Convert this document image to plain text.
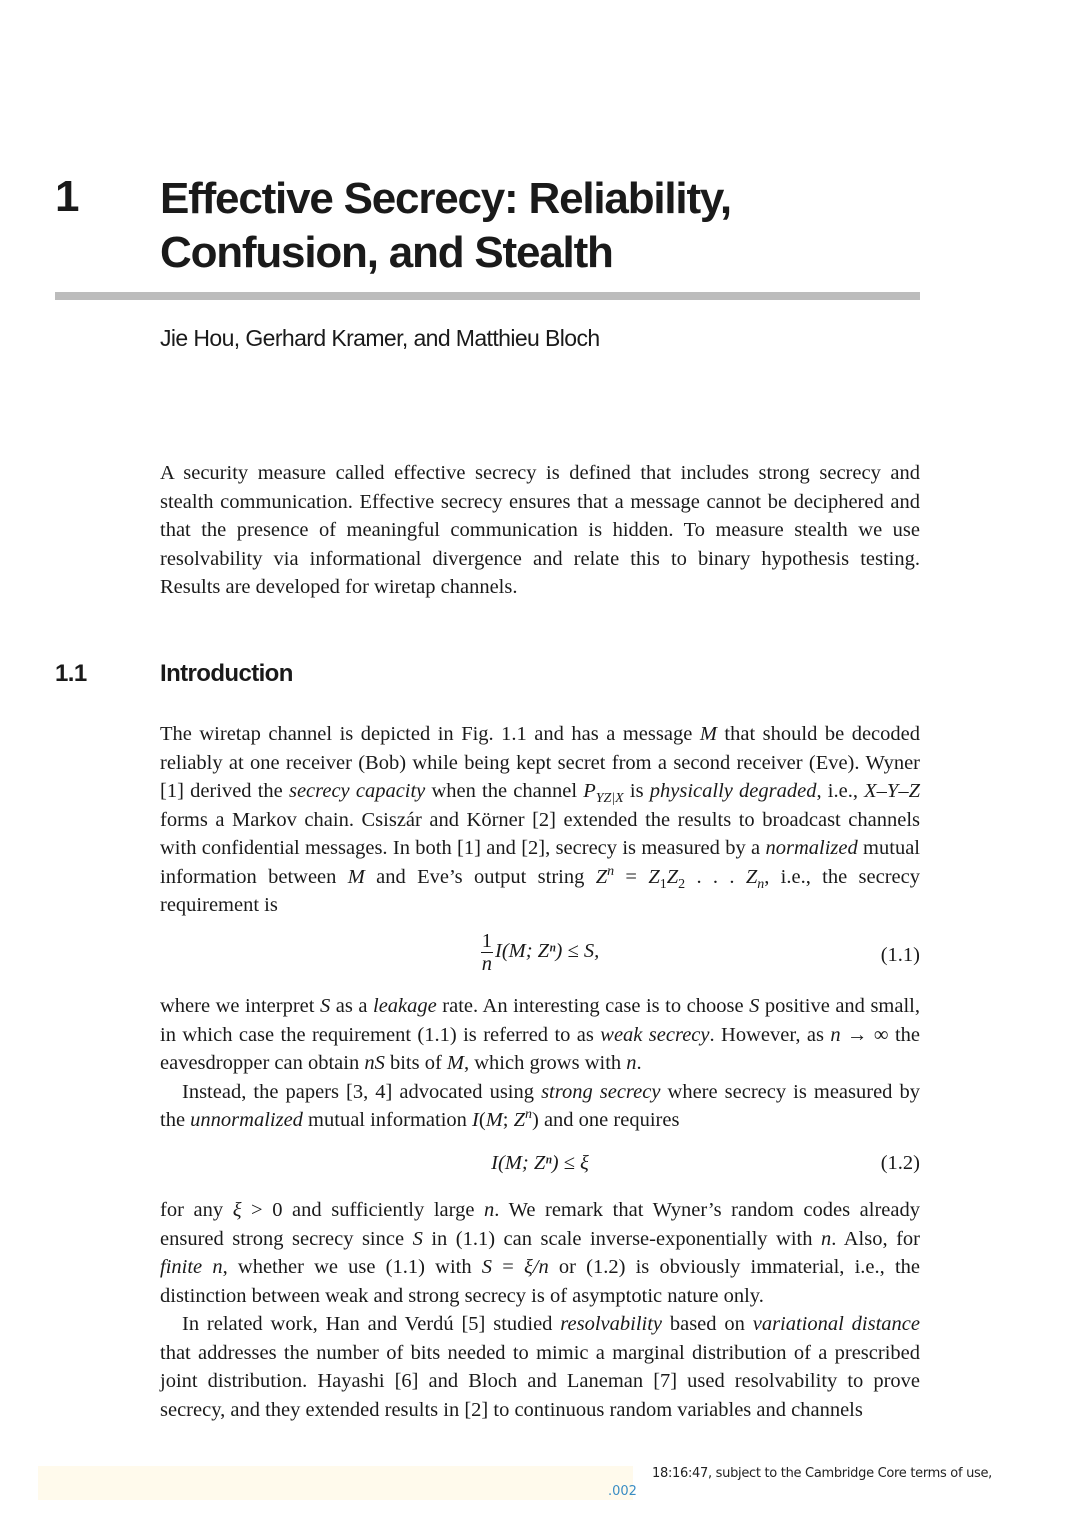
1 Effective Secrecy: Reliability,
Confusion, and Stealth
Jie Hou, Gerhard Kramer, and Matthieu Bloch

A security measure called effective secrecy is defined that includes strong secrecy and stealth communication. Effective secrecy ensures that a message cannot be deciphered and that the presence of meaningful communication is hidden. To measure stealth we use resolvability via informational divergence and relate this to binary hypothesis testing. Results are developed for wiretap channels.

1.1	Introduction

The wiretap channel is depicted in Fig. 1.1 and has a message M that should be decoded reliably at one receiver (Bob) while being kept secret from a second receiver (Eve). Wyner [1] derived the secrecy capacity when the channel $P_{YZ|X}$ is physically degraded, i.e., X–Y–Z forms a Markov chain. Csiszár and Körner [2] extended the results to broadcast channels with confidential messages. In both [1] and [2], secrecy is measured by a normalized mutual information between M and Eve’s output string $Z^n = Z_1Z_2$ . . . $Z_n$, i.e., the secrecy requirement is

$\frac{1}{n} I(M$; Zⁿ) ≤ S,	(1.1)

where we interpret S as a leakage rate. An interesting case is to choose S positive and small, in which case the requirement (1.1) is referred to as weak secrecy. However, as n → ∞ the eavesdropper can obtain nS bits of M, which grows with n.

Instead, the papers [3, 4] advocated using strong secrecy where secrecy is measured by the unnormalized mutual information I(M; $Z^n$) and one requires

I(M; Zⁿ) ≤ ξ	(1.2)

for any ξ > 0 and sufficiently large n. We remark that Wyner’s random codes already ensured strong secrecy since S in (1.1) can scale inverse-exponentially with n. Also, for finite n, whether we use (1.1) with S = ξ/n or (1.2) is obviously immaterial, i.e., the distinction between weak and strong secrecy is of asymptotic nature only.

In related work, Han and Verdú [5] studied resolvability based on variational distance that addresses the number of bits needed to mimic a marginal distribution of a prescribed joint distribution. Hayashi [6] and Bloch and Laneman [7] used resolvability to prove secrecy, and they extended results in [2] to continuous random variables and channels

18:16:47, subject to the Cambridge Core terms of use,
.002
